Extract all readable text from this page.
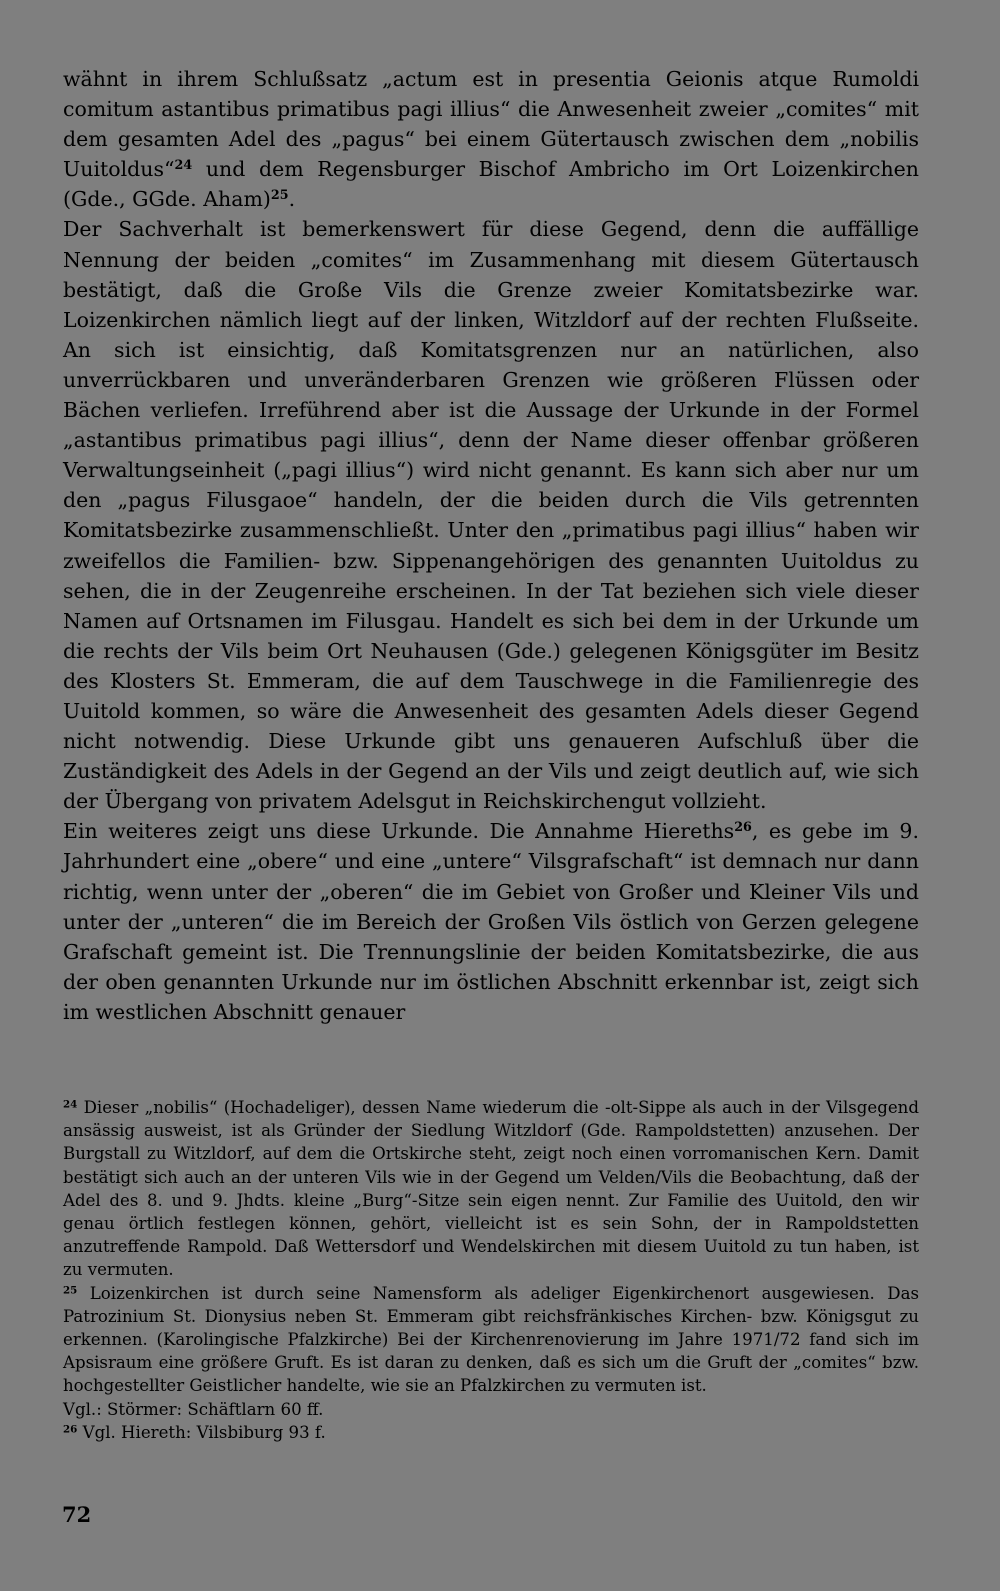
wähnt in ihrem Schlußsatz „actum est in presentia Geionis atque Rumoldi comitum astantibus primatibus pagi illius“ die Anwesenheit zweier „comites“ mit dem gesamten Adel des „pagus“ bei einem Gütertausch zwischen dem „nobilis Uuitoldus“$^{24}$ und dem Regensburger Bischof Ambricho im Ort Loizenkirchen (Gde., GGde. Aham)$^{25}$.

Der Sachverhalt ist bemerkenswert für diese Gegend, denn die auffällige Nennung der beiden „comites“ im Zusammenhang mit diesem Gütertausch bestätigt, daß die Große Vils die Grenze zweier Komitatsbezirke war. Loizenkirchen nämlich liegt auf der linken, Witzldorf auf der rechten Flußseite. An sich ist einsichtig, daß Komitatsgrenzen nur an natürlichen, also unverrückbaren und unveränderbaren Grenzen wie größeren Flüssen oder Bächen verliefen. Irreführend aber ist die Aussage der Urkunde in der Formel „astantibus primatibus pagi illius“, denn der Name dieser offenbar größeren Verwaltungseinheit („pagi illius“) wird nicht genannt. Es kann sich aber nur um den „pagus Filusgaoe“ handeln, der die beiden durch die Vils getrennten Komitatsbezirke zusammenschließt. Unter den „primatibus pagi illius“ haben wir zweifellos die Familien- bzw. Sippenangehörigen des genannten Uuitoldus zu sehen, die in der Zeugenreihe erscheinen. In der Tat beziehen sich viele dieser Namen auf Ortsnamen im Filusgau. Handelt es sich bei dem in der Urkunde um die rechts der Vils beim Ort Neuhausen (Gde.) gelegenen Königsgüter im Besitz des Klosters St. Emmeram, die auf dem Tauschwege in die Familienregie des Uuitold kommen, so wäre die Anwesenheit des gesamten Adels dieser Gegend nicht notwendig. Diese Urkunde gibt uns genaueren Aufschluß über die Zuständigkeit des Adels in der Gegend an der Vils und zeigt deutlich auf, wie sich der Übergang von privatem Adelsgut in Reichskirchengut vollzieht.

Ein weiteres zeigt uns diese Urkunde. Die Annahme Hiereths$^{26}$, es gebe im 9. Jahrhundert eine „obere“ und eine „untere“ Vilsgrafschaft“ ist demnach nur dann richtig, wenn unter der „oberen“ die im Gebiet von Großer und Kleiner Vils und unter der „unteren“ die im Bereich der Großen Vils östlich von Gerzen gelegene Grafschaft gemeint ist. Die Trennungslinie der beiden Komitatsbezirke, die aus der oben genannten Urkunde nur im östlichen Abschnitt erkennbar ist, zeigt sich im westlichen Abschnitt genauer

$^{24}$ Dieser „nobilis“ (Hochadeliger), dessen Name wiederum die -olt-Sippe als auch in der Vilsgegend ansässig ausweist, ist als Gründer der Siedlung Witzldorf (Gde. Rampoldstetten) anzusehen. Der Burgstall zu Witzldorf, auf dem die Ortskirche steht, zeigt noch einen vorromanischen Kern. Damit bestätigt sich auch an der unteren Vils wie in der Gegend um Velden/Vils die Beobachtung, daß der Adel des 8. und 9. Jhdts. kleine „Burg“-Sitze sein eigen nennt. Zur Familie des Uuitold, den wir genau örtlich festlegen können, gehört, vielleicht ist es sein Sohn, der in Rampoldstetten anzutreffende Rampold. Daß Wettersdorf und Wendelskirchen mit diesem Uuitold zu tun haben, ist zu vermuten.

$^{25}$ Loizenkirchen ist durch seine Namensform als adeliger Eigenkirchenort ausgewiesen. Das Patrozinium St. Dionysius neben St. Emmeram gibt reichsfränkisches Kirchen- bzw. Königsgut zu erkennen. (Karolingische Pfalzkirche) Bei der Kirchenrenovierung im Jahre 1971/72 fand sich im Apsisraum eine größere Gruft. Es ist daran zu denken, daß es sich um die Gruft der „comites“ bzw. hochgestellter Geistlicher handelte, wie sie an Pfalzkirchen zu vermuten ist.

Vgl.: Störmer: Schäftlarn 60 ff.

$^{26}$ Vgl. Hiereth: Vilsbiburg 93 f.

72
